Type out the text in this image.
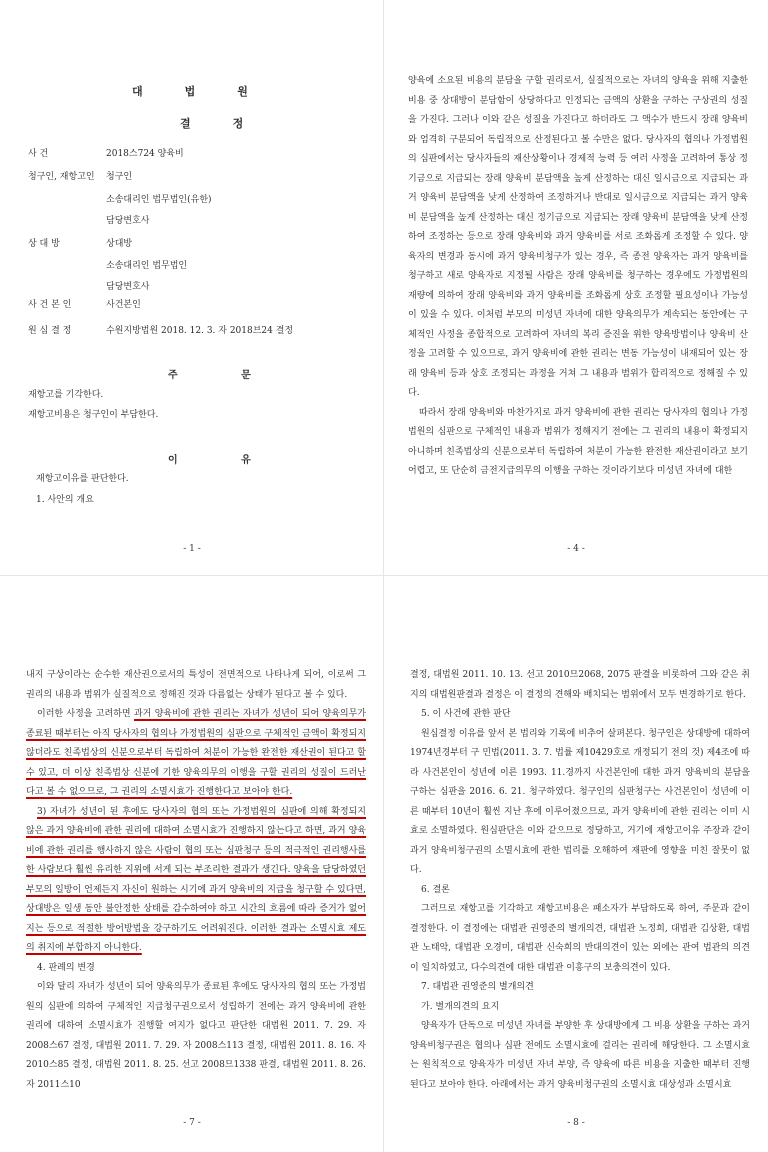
대법원
결정
사 건	2018스724 양육비
청구인, 재항고인 청구인
소송대리인 법무법인(유한)
담당변호사
상 대 방	상대방
소송대리인 법무법인
담당변호사
사 건 본 인	사건본인
원 심 결 정	수원지방법원 2018. 12. 3. 자 2018브24 결정
주 문
재항고를 기각한다.
재항고비용은 청구인이 부담한다.
이 유
재항고이유를 판단한다.
1. 사안의 개요
- 1 -

양육에 소요된 비용의 분담을 구할 권리로서, 실질적으로는 자녀의 양육을 위해 지출한 비용 중 상대방이 분담함이 상당하다고 인정되는 금액의 상환을 구하는 구상권의 성질을 가진다. 그러나 이와 같은 성질을 가진다고 하더라도 그 액수가 반드시 장래 양육비와 엄격히 구분되어 독립적으로 산정된다고 볼 수만은 없다. 당사자의 협의나 가정법원의 심판에서는 당사자들의 재산상황이나 경제적 능력 등 여러 사정을 고려하여 통상 정기금으로 지급되는 장래 양육비 분담액을 높게 산정하는 대신 일시금으로 지급되는 과거 양육비 분담액을 낮게 산정하여 조정하거나 반대로 일시금으로 지급되는 과거 양육비 분담액을 높게 산정하는 대신 정기금으로 지급되는 장래 양육비 분담액을 낮게 산정하여 조정하는 등으로 장래 양육비와 과거 양육비를 서로 조화롭게 조정할 수 있다. 양육자의 변경과 동시에 과거 양육비청구가 있는 경우, 즉 종전 양육자는 과거 양육비를 청구하고 새로 양육자로 지정될 사람은 장래 양육비를 청구하는 경우에도 가정법원의 재량에 의하여 장래 양육비와 과거 양육비를 조화롭게 상호 조정할 필요성이나 가능성이 있을 수 있다. 이처럼 부모의 미성년 자녀에 대한 양육의무가 계속되는 동안에는 구체적인 사정을 종합적으로 고려하여 자녀의 복리 증진을 위한 양육방법이나 양육비 산정을 고려할 수 있으므로, 과거 양육비에 관한 권리는 변동 가능성이 내재되어 있는 장래 양육비 등과 상호 조정되는 과정을 거쳐 그 내용과 범위가 합리적으로 정해질 수 있다.

따라서 장래 양육비와 마찬가지로 과거 양육비에 관한 권리는 당사자의 협의나 가정법원의 심판으로 구체적인 내용과 범위가 정해지기 전에는 그 권리의 내용이 확정되지 아니하며 친족법상의 신분으로부터 독립하여 처분이 가능한 완전한 재산권이라고 보기 어렵고, 또 단순히 금전지급의무의 이행을 구하는 것이라기보다 미성년 자녀에 대한

- 4 -

내지 구상이라는 순수한 재산권으로서의 특성이 전면적으로 나타나게 되어, 이로써 그 권리의 내용과 범위가 실질적으로 정해진 것과 다름없는 상태가 된다고 볼 수 있다.

이러한 사정을 고려하면 과거 양육비에 관한 권리는 자녀가 성년이 되어 양육의무가 종료된 때부터는 아직 당사자의 협의나 가정법원의 심판으로 구체적인 금액이 확정되지 않더라도 친족법상의 신분으로부터 독립하여 처분이 가능한 완전한 재산권이 된다고 할 수 있고, 더 이상 친족법상 신분에 기한 양육의무의 이행을 구할 권리의 성질이 드러난다고 볼 수 없으므로, 그 권리의 소멸시효가 진행한다고 보아야 한다.

3) 자녀가 성년이 된 후에도 당사자의 협의 또는 가정법원의 심판에 의해 확정되지 않은 과거 양육비에 관한 권리에 대하여 소멸시효가 진행하지 않는다고 하면, 과거 양육비에 관한 권리를 행사하지 않은 사람이 협의 또는 심판청구 등의 적극적인 권리행사를 한 사람보다 훨씬 유리한 지위에 서게 되는 부조리한 결과가 생긴다. 양육을 담당하였던 부모의 일방이 언제든지 자신이 원하는 시기에 과거 양육비의 지급을 청구할 수 있다면, 상대방은 일생 동안 불안정한 상태를 감수하여야 하고 시간의 흐름에 따라 증거가 없어지는 등으로 적절한 방어방법을 강구하기도 어려워진다. 이러한 결과는 소멸시효 제도의 취지에 부합하지 아니한다.

4. 판례의 변경

이와 달리 자녀가 성년이 되어 양육의무가 종료된 후에도 당사자의 협의 또는 가정법원의 심판에 의하여 구체적인 지급청구권으로서 성립하기 전에는 과거 양육비에 관한 권리에 대하여 소멸시효가 진행할 여지가 없다고 판단한 대법원 2011. 7. 29. 자 2008스67 결정, 대법원 2011. 7. 29. 자 2008스113 결정, 대법원 2011. 8. 16. 자 2010스85 결정, 대법원 2011. 8. 25. 선고 2008므1338 판결, 대법원 2011. 8. 26. 자 2011스10

- 7 -

결정, 대법원 2011. 10. 13. 선고 2010므2068, 2075 판결을 비롯하여 그와 같은 취지의 대법원판결과 결정은 이 결정의 견해와 배치되는 범위에서 모두 변경하기로 한다.

5. 이 사건에 관한 판단

원심결정 이유를 앞서 본 법리와 기록에 비추어 살펴본다. 청구인은 상대방에 대하여 1974년경부터 구 민법(2011. 3. 7. 법률 제10429호로 개정되기 전의 것) 제4조에 따라 사건본인이 성년에 이른 1993. 11.경까지 사건본인에 대한 과거 양육비의 분담을 구하는 심판을 2016. 6. 21. 청구하였다. 청구인의 심판청구는 사건본인이 성년에 이른 때부터 10년이 훨씬 지난 후에 이루어졌으므로, 과거 양육비에 관한 권리는 이미 시효로 소멸하였다. 원심판단은 이와 같으므로 정당하고, 거기에 재항고이유 주장과 같이 과거 양육비청구권의 소멸시효에 관한 법리를 오해하여 재판에 영향을 미친 잘못이 없다.

6. 결론

그러므로 재항고를 기각하고 재항고비용은 패소자가 부담하도록 하여, 주문과 같이 결정한다. 이 결정에는 대법관 권영준의 별개의견, 대법관 노정희, 대법관 김상환, 대법관 노태악, 대법관 오경미, 대법관 신숙희의 반대의견이 있는 외에는 관여 법관의 의견이 일치하였고, 다수의견에 대한 대법관 이흥구의 보충의견이 있다.

7. 대법관 권영준의 별개의견

가. 별개의견의 요지

양육자가 단독으로 미성년 자녀를 부양한 후 상대방에게 그 비용 상환을 구하는 과거 양육비청구권은 협의나 심판 전에도 소멸시효에 걸리는 권리에 해당한다. 그 소멸시효는 원칙적으로 양육자가 미성년 자녀 부양, 즉 양육에 따른 비용을 지출한 때부터 진행된다고 보아야 한다. 아래에서는 과거 양육비청구권의 소멸시효 대상성과 소멸시효

- 8 -
